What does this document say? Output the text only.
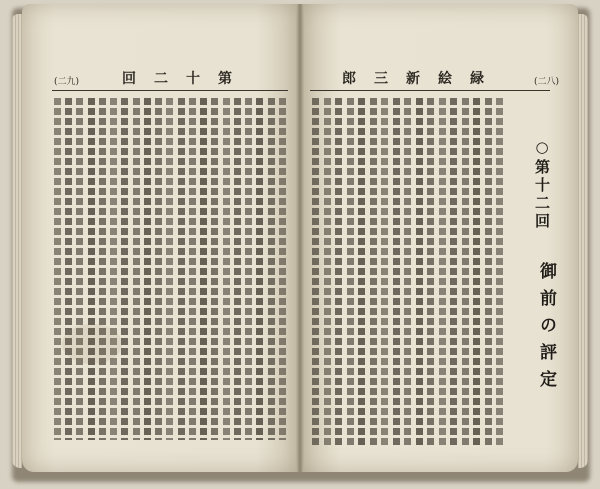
(二九)	回二十第	郎三新絵緑	(二八)
○第十二回
御前の評定
